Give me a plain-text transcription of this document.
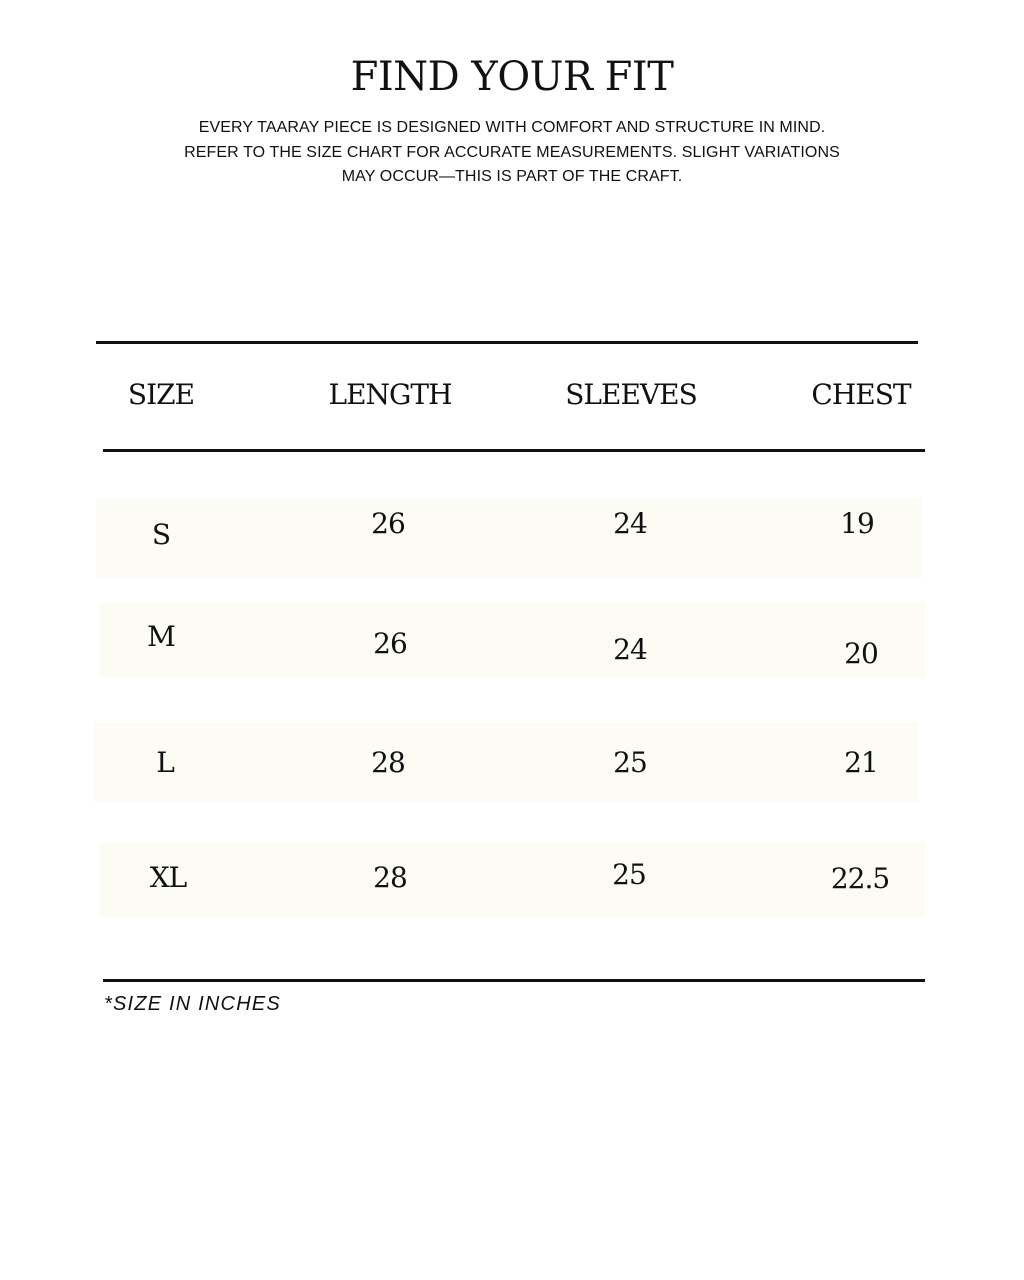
FIND YOUR FIT
EVERY TAARAY PIECE IS DESIGNED WITH COMFORT AND STRUCTURE IN MIND.
REFER TO THE SIZE CHART FOR ACCURATE MEASUREMENTS. SLIGHT VARIATIONS
MAY OCCUR—THIS IS PART OF THE CRAFT.
SIZE	LENGTH	SLEEVES	CHEST
S	26	24	19
M	26	24	20
L	28	25	21
XL	28	25	22.5
*SIZE IN INCHES
